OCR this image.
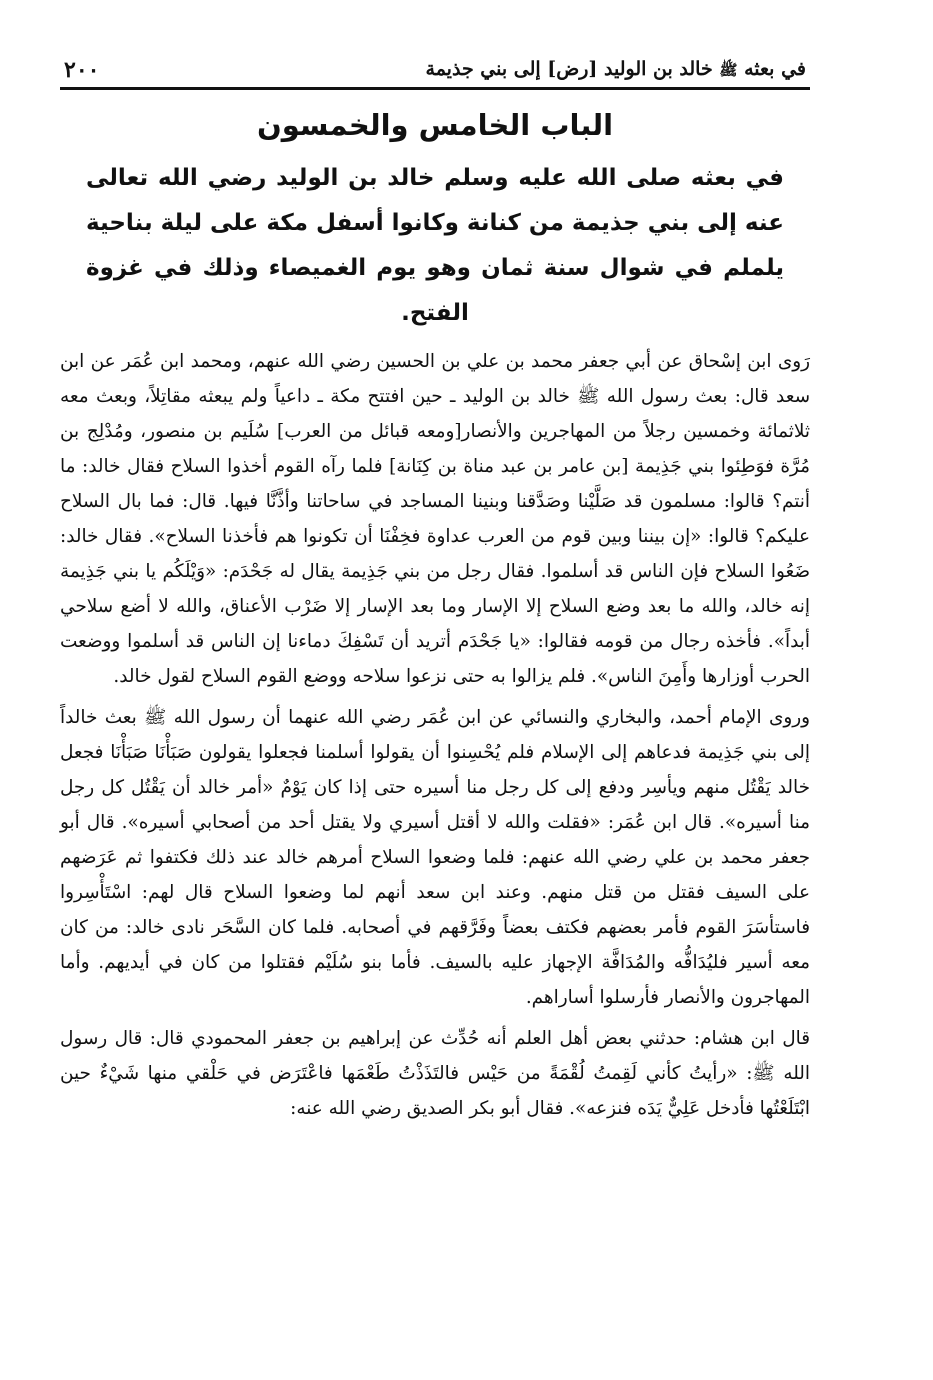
في بعثه ﷺ خالد بن الوليد [رض] إلى بني جذيمة
٢٠٠
الباب الخامس والخمسون
في بعثه صلى الله عليه وسلم خالد بن الوليد رضي الله تعالى عنه إلى بني جذيمة من كنانة وكانوا أسفل مكة على ليلة بناحية يلملم في شوال سنة ثمان وهو يوم الغميصاء وذلك في غزوة الفتح.

رَوى ابن إسْحاق عن أبي جعفر محمد بن علي بن الحسين رضي الله عنهم، ومحمد ابن عُمَر عن ابن سعد قال: بعث رسول الله ﷺ خالد بن الوليد ـ حين افتتح مكة ـ داعياً ولم يبعثه مقاتِلاً، وبعث معه ثلاثمائة وخمسين رجلاً من المهاجرين والأنصار[ومعه قبائل من العرب] سُلَيم بن منصور، ومُدْلِج بن مُرَّة فوَطِئوا بني جَذِيمة [بن عامر بن عبد مناة بن كِنَانة] فلما رآه القوم أخذوا السلاح فقال خالد: ما أنتم؟ قالوا: مسلمون قد صَلَّيْنا وصَدَّقنا وبنينا المساجد في ساحاتنا وأذَّنَّا فيها. قال: فما بال السلاح عليكم؟ قالوا: «إن بيننا وبين قوم من العرب عداوة فخِفْنَا أن تكونوا هم فأخذنا السلاح». فقال خالد: ضَعُوا السلاح فإن الناس قد أسلموا. فقال رجل من بني جَذِيمة يقال له جَحْدَم: «وَيْلَكُم يا بني جَذِيمة إنه خالد، والله ما بعد وضع السلاح إلا الإسار وما بعد الإسار إلا ضَرْب الأعناق، والله لا أضع سلاحي أبداً». فأخذه رجال من قومه فقالوا: «يا جَحْدَم أتريد أن تَسْفِكَ دماءنا إن الناس قد أسلموا ووضعت الحرب أوزارها وأَمِنَ الناس». فلم يزالوا به حتى نزعوا سلاحه ووضع القوم السلاح لقول خالد.

وروى الإمام أحمد، والبخاري والنسائي عن ابن عُمَر رضي الله عنهما أن رسول الله ﷺ بعث خالداً إلى بني جَذِيمة فدعاهم إلى الإسلام فلم يُحْسِنوا أن يقولوا أسلمنا فجعلوا يقولون صَبَأْنَا صَبَأْنَا فجعل خالد يَقْتُل منهم ويأسِر ودفع إلى كل رجل منا أسيره حتى إذا كان يَوْمٌ «أمر خالد أن يَقْتُل كل رجل منا أسيره». قال ابن عُمَر: «فقلت والله لا أقتل أسيري ولا يقتل أحد من أصحابي أسيره». قال أبو جعفر محمد بن علي رضي الله عنهم: فلما وضعوا السلاح أمرهم خالد عند ذلك فكتفوا ثم عَرَضهم على السيف فقتل من قتل منهم. وعند ابن سعد أنهم لما وضعوا السلاح قال لهم: اسْتَأْسِروا فاستأسَرَ القوم فأمر بعضهم فكتف بعضاً وفَرَّقهم في أصحابه. فلما كان السَّحَر نادى خالد: من كان معه أسير فليُدَافُّه والمُدَافَّة الإجهاز عليه بالسيف. فأما بنو سُلَيْم فقتلوا من كان في أيديهم. وأما المهاجرون والأنصار فأرسلوا أساراهم.

قال ابن هشام: حدثني بعض أهل العلم أنه حُدِّث عن إبراهيم بن جعفر المحمودي قال: قال رسول الله ﷺ: «رأيتُ كأني لَقِمتُ لُقْمَةً من حَيْس فالتَذَذْتُ طَعْمَها فاعْتَرَض في حَلْقي منها شَيْءٌ حين ابْتَلَعْتُها فأدخل عَلِيٌّ يَدَه فنزعه». فقال أبو بكر الصديق رضي الله عنه:
